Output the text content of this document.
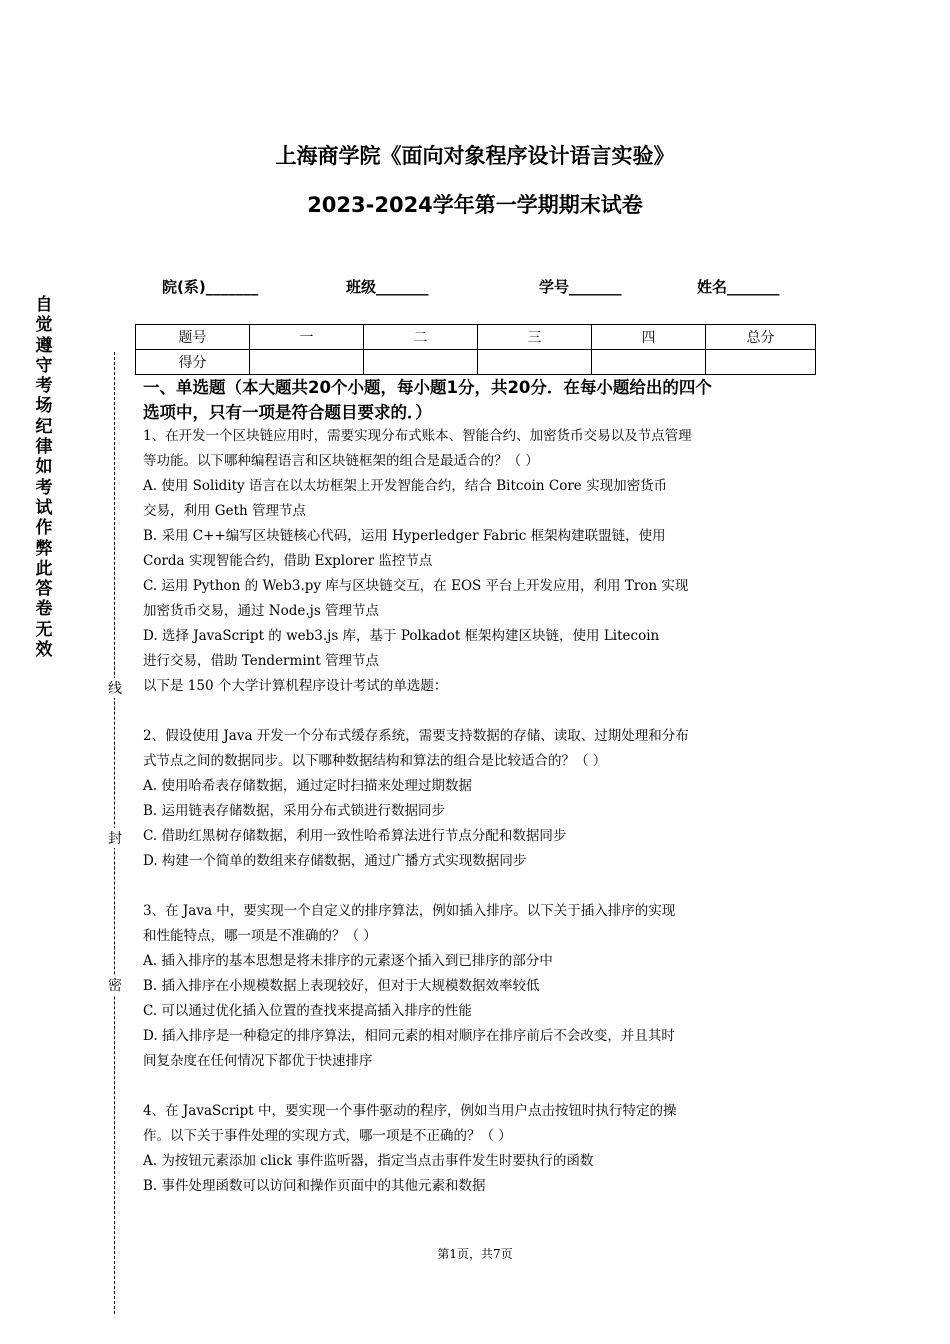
上海商学院《面向对象程序设计语言实验》
2023-2024学年第一学期期末试卷
院(系)_______	班级_______	学号_______	姓名_______
题号	一	二	三	四	总分
得分					
自觉遵守考场纪律如考试作弊此答卷无效
线
封
密

一、单选题（本大题共20个小题，每小题1分，共20分．在每小题给出的四个

选项中，只有一项是符合题目要求的．）

1、在开发一个区块链应用时，需要实现分布式账本、智能合约、加密货币交易以及节点管理

等功能。以下哪种编程语言和区块链框架的组合是最适合的？（ ）

A. 使用 Solidity 语言在以太坊框架上开发智能合约，结合 Bitcoin Core 实现加密货币

交易，利用 Geth 管理节点

B. 采用 C++编写区块链核心代码，运用 Hyperledger Fabric 框架构建联盟链，使用

Corda 实现智能合约，借助 Explorer 监控节点

C. 运用 Python 的 Web3.py 库与区块链交互，在 EOS 平台上开发应用，利用 Tron 实现

加密货币交易，通过 Node.js 管理节点

D. 选择 JavaScript 的 web3.js 库，基于 Polkadot 框架构建区块链，使用 Litecoin

进行交易，借助 Tendermint 管理节点

以下是 150 个大学计算机程序设计考试的单选题：

2、假设使用 Java 开发一个分布式缓存系统，需要支持数据的存储、读取、过期处理和分布

式节点之间的数据同步。以下哪种数据结构和算法的组合是比较适合的？（ ）

A. 使用哈希表存储数据，通过定时扫描来处理过期数据

B. 运用链表存储数据，采用分布式锁进行数据同步

C. 借助红黑树存储数据，利用一致性哈希算法进行节点分配和数据同步

D. 构建一个简单的数组来存储数据，通过广播方式实现数据同步

3、在 Java 中，要实现一个自定义的排序算法，例如插入排序。以下关于插入排序的实现

和性能特点，哪一项是不准确的？（ ）

A. 插入排序的基本思想是将未排序的元素逐个插入到已排序的部分中

B. 插入排序在小规模数据上表现较好，但对于大规模数据效率较低

C. 可以通过优化插入位置的查找来提高插入排序的性能

D. 插入排序是一种稳定的排序算法，相同元素的相对顺序在排序前后不会改变，并且其时

间复杂度在任何情况下都优于快速排序

4、在 JavaScript 中，要实现一个事件驱动的程序，例如当用户点击按钮时执行特定的操

作。以下关于事件处理的实现方式，哪一项是不正确的？（ ）

A. 为按钮元素添加 click 事件监听器，指定当点击事件发生时要执行的函数

B. 事件处理函数可以访问和操作页面中的其他元素和数据

第1页，共7页
